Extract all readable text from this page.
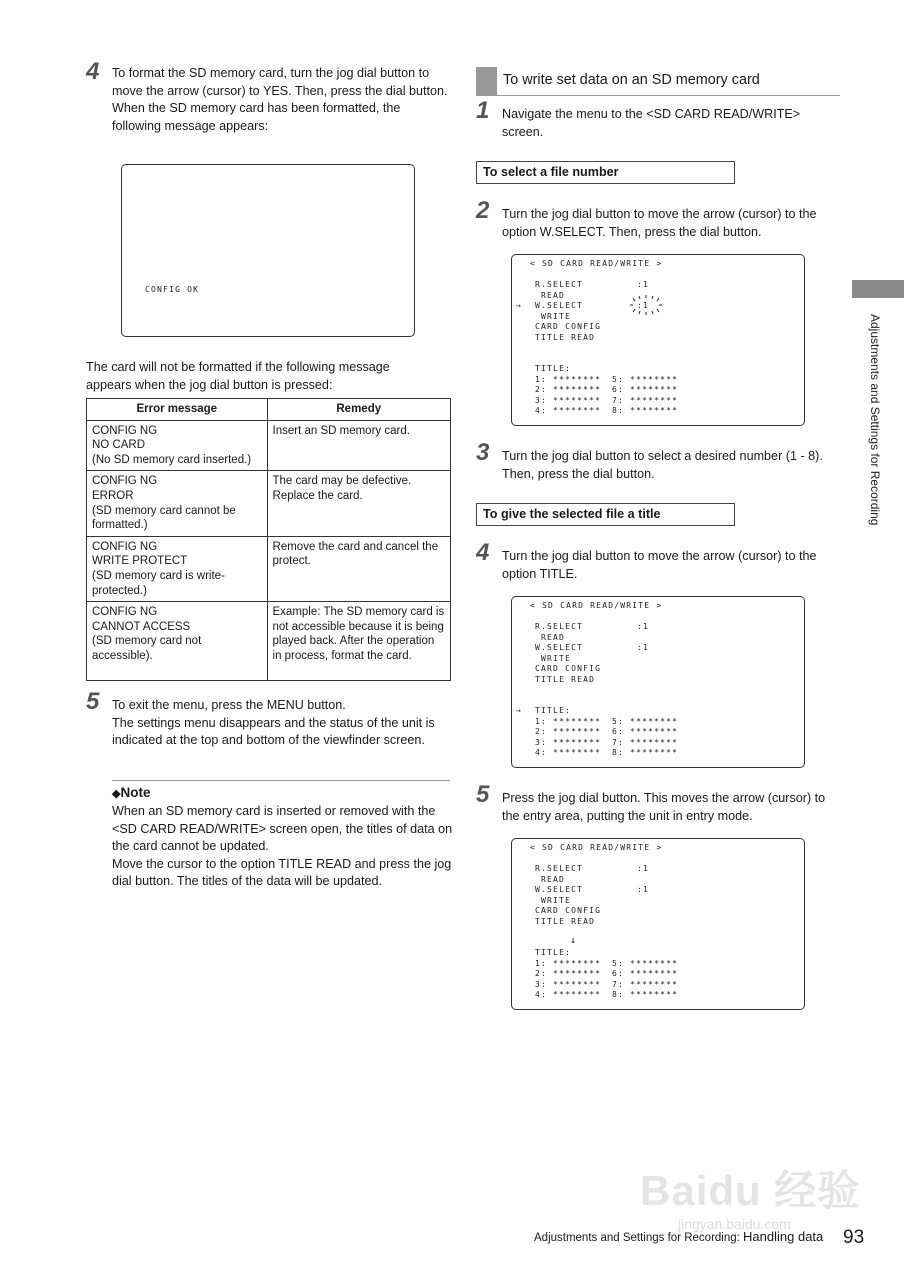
4 To format the SD memory card, turn the jog dial button to move the arrow (cursor) to YES. Then, press the dial button.

When the SD memory card has been formatted, the following message appears:

CONFIG OK
The card will not be formatted if the following message appears when the jog dial button is pressed:
Error message	Remedy

CONFIG NG
NO CARD
(No SD memory card inserted.)	Insert an SD memory card.

CONFIG NG
ERROR
(SD memory card cannot be formatted.)	The card may be defective. Replace the card.

CONFIG NG
WRITE PROTECT
(SD memory card is write-protected.)	Remove the card and cancel the protect.

CONFIG NG
CANNOT ACCESS
(SD memory card not accessible).	Example: The SD memory card is not accessible because it is being played back. After the operation in process, format the card.
5 To exit the menu, press the MENU button.

The settings menu disappears and the status of the unit is indicated at the top and bottom of the viewfinder screen.

◆Note

When an SD memory card is inserted or removed with the <SD CARD READ/WRITE> screen open, the titles of data on the card cannot be updated.

Move the cursor to the option TITLE READ and press the jog dial button. The titles of the data will be updated.

To write set data on an SD memory card
1 Navigate the menu to the <SD CARD READ/WRITE> screen.
To select a file number
2 Turn the jog dial button to move the arrow (cursor) to the option W.SELECT. Then, press the dial button.
< SD CARD READ/WRITE >
R.SELECT	:1
READ
→ W.SELECT	:1
WRITE
CARD CONFIG
TITLE READ
TITLE:
1: ********
2: ********
3: ********
4: ********
5: ********
6: ********
7: ********
8: ********
3 Turn the jog dial button to select a desired number (1 - 8). Then, press the dial button.
To give the selected file a title
4 Turn the jog dial button to move the arrow (cursor) to the option TITLE.
< SD CARD READ/WRITE >
R.SELECT	:1
READ
W.SELECT	:1
WRITE
CARD CONFIG
TITLE READ
→ TITLE:
1: ********
2: ********
3: ********
4: ********
5: ********
6: ********
7: ********
8: ********
5 Press the jog dial button. This moves the arrow (cursor) to the entry area, putting the unit in entry mode.
< SD CARD READ/WRITE >
R.SELECT	:1
READ
W.SELECT	:1
WRITE
CARD CONFIG
TITLE READ
↓
TITLE:
1: ********
2: ********
3: ********
4: ********
5: ********
6: ********
7: ********
8: ********
Adjustments and Settings for Recording
Baidu 经验
jingyan.baidu.com
Adjustments and Settings for Recording: Handling data 93
